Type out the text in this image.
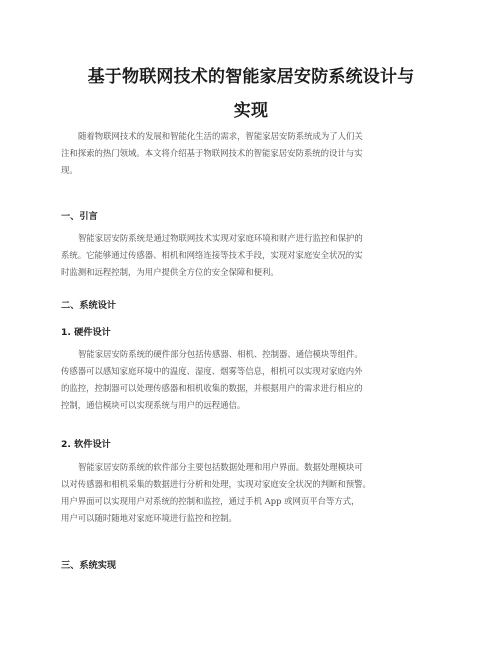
基于物联网技术的智能家居安防系统设计与
实现
随着物联网技术的发展和智能化生活的需求，智能家居安防系统成为了人们关
注和探索的热门领域。本文将介绍基于物联网技术的智能家居安防系统的设计与实
现。
一、引言
智能家居安防系统是通过物联网技术实现对家庭环境和财产进行监控和保护的
系统。它能够通过传感器、相机和网络连接等技术手段，实现对家庭安全状况的实
时监测和远程控制，为用户提供全方位的安全保障和便利。
二、系统设计
1. 硬件设计
智能家居安防系统的硬件部分包括传感器、相机、控制器、通信模块等组件。
传感器可以感知家庭环境中的温度、湿度、烟雾等信息，相机可以实现对家庭内外
的监控，控制器可以处理传感器和相机收集的数据，并根据用户的需求进行相应的
控制，通信模块可以实现系统与用户的远程通信。
2. 软件设计
智能家居安防系统的软件部分主要包括数据处理和用户界面。数据处理模块可
以对传感器和相机采集的数据进行分析和处理，实现对家庭安全状况的判断和预警。
用户界面可以实现用户对系统的控制和监控，通过手机 App 或网页平台等方式，
用户可以随时随地对家庭环境进行监控和控制。
三、系统实现
